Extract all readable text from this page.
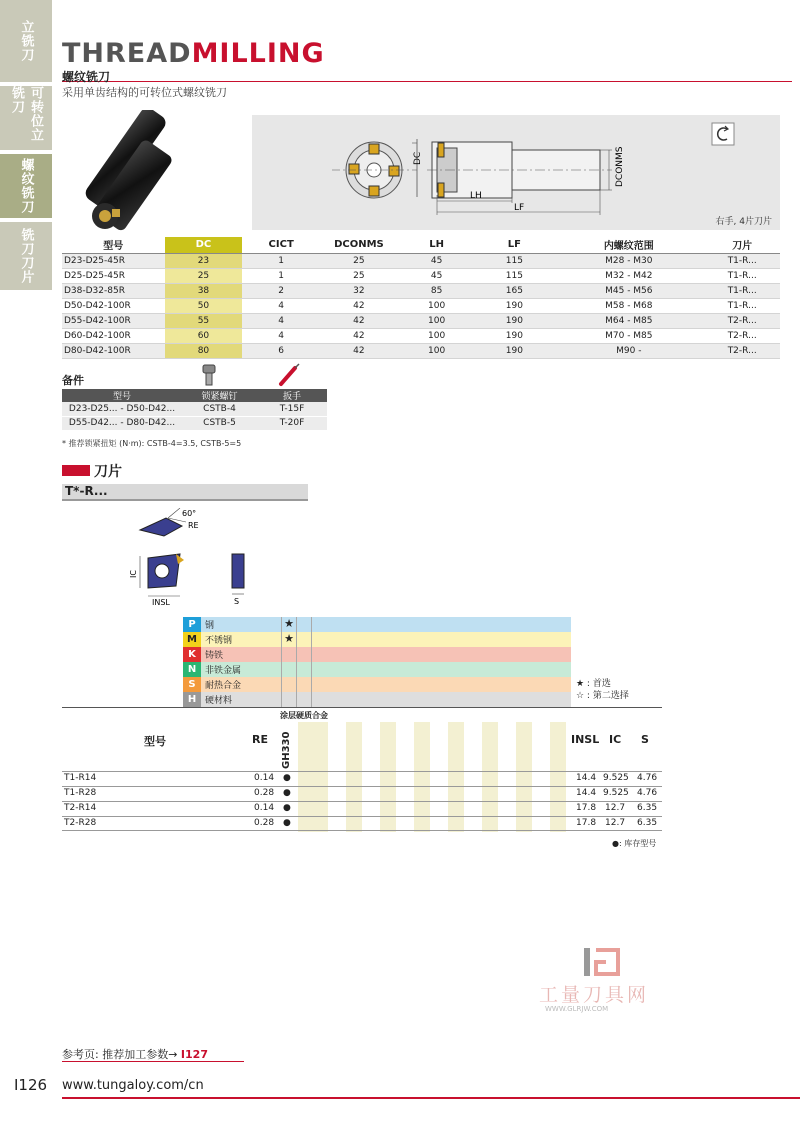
立铣刀
可转位立铣刀
螺纹铣刀
铣刀刀片
THREADMILLING
螺纹铣刀
采用单齿结构的可转位式螺纹铣刀
DC
LH
LF
DCONMS
右手, 4片刀片
型号	DC	CICT	DCONMS	LH	LF	内螺纹范围	刀片
D23-D25-45R	23	1	25	45	115	M28 - M30	T1-R...
D25-D25-45R	25	1	25	45	115	M32 - M42	T1-R...
D38-D32-85R	38	2	32	85	165	M45 - M56	T1-R...
D50-D42-100R	50	4	42	100	190	M58 - M68	T1-R...
D55-D42-100R	55	4	42	100	190	M64 - M85	T2-R...
D60-D42-100R	60	4	42	100	190	M70 - M85	T2-R...
D80-D42-100R	80	6	42	100	190	M90 -	T2-R...
备件
型号	锁紧螺钉	扳手
D23-D25... - D50-D42...	CSTB-4	T-15F
D55-D42... - D80-D42...	CSTB-5	T-20F
* 推荐锁紧扭矩 (N·m): CSTB-4=3.5, CSTB-5=5
刀片
T*-R...
60°
RE
IC
INSL	S
P	钢	★
M 不锈钢	★
K	铸铁
N 非铁金属
S	耐热合金
H 硬材料
★ : 首选
☆ : 第二选择
涂层硬质合金
型号	RE GH330	INSL IC S
T1-R14	0.14 ●	14.4 9.525 4.76
T1-R28	0.28 ●	14.4 9.525 4.76
T2-R14	0.14 ●	17.8 12.7 6.35
T2-R28	0.28 ●	17.8 12.7 6.35
●: 库存型号
工量刀具网
WWW.GLRJW.COM
参考页: 推荐加工参数→ I127
I126 www.tungaloy.com/cn
